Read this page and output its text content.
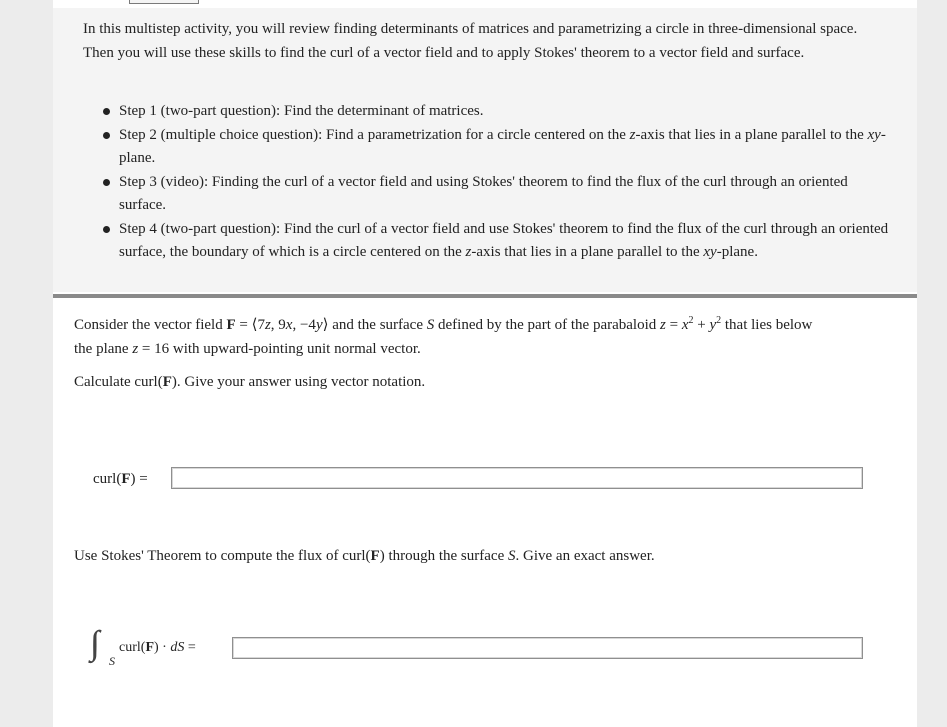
In this multistep activity, you will review finding determinants of matrices and parametrizing a circle in three-dimensional space. Then you will use these skills to find the curl of a vector field and to apply Stokes' theorem to a vector field and surface.
Step 1 (two-part question): Find the determinant of matrices.
Step 2 (multiple choice question): Find a parametrization for a circle centered on the z-axis that lies in a plane parallel to the xy-plane.
Step 3 (video): Finding the curl of a vector field and using Stokes' theorem to find the flux of the curl through an oriented surface.
Step 4 (two-part question): Find the curl of a vector field and use Stokes' theorem to find the flux of the curl through an oriented surface, the boundary of which is a circle centered on the z-axis that lies in a plane parallel to the xy-plane.
Consider the vector field F = ⟨7z, 9x, −4y⟩ and the surface S defined by the part of the parabaloid $z = x^2 + y^2$ that lies below
the plane z = 16 with upward-pointing unit normal vector.
Calculate curl(F). Give your answer using vector notation.
curl(F) =
Use Stokes' Theorem to compute the flux of curl(F) through the surface S. Give an exact answer.
∫∫ S
curl(F) · dS =
